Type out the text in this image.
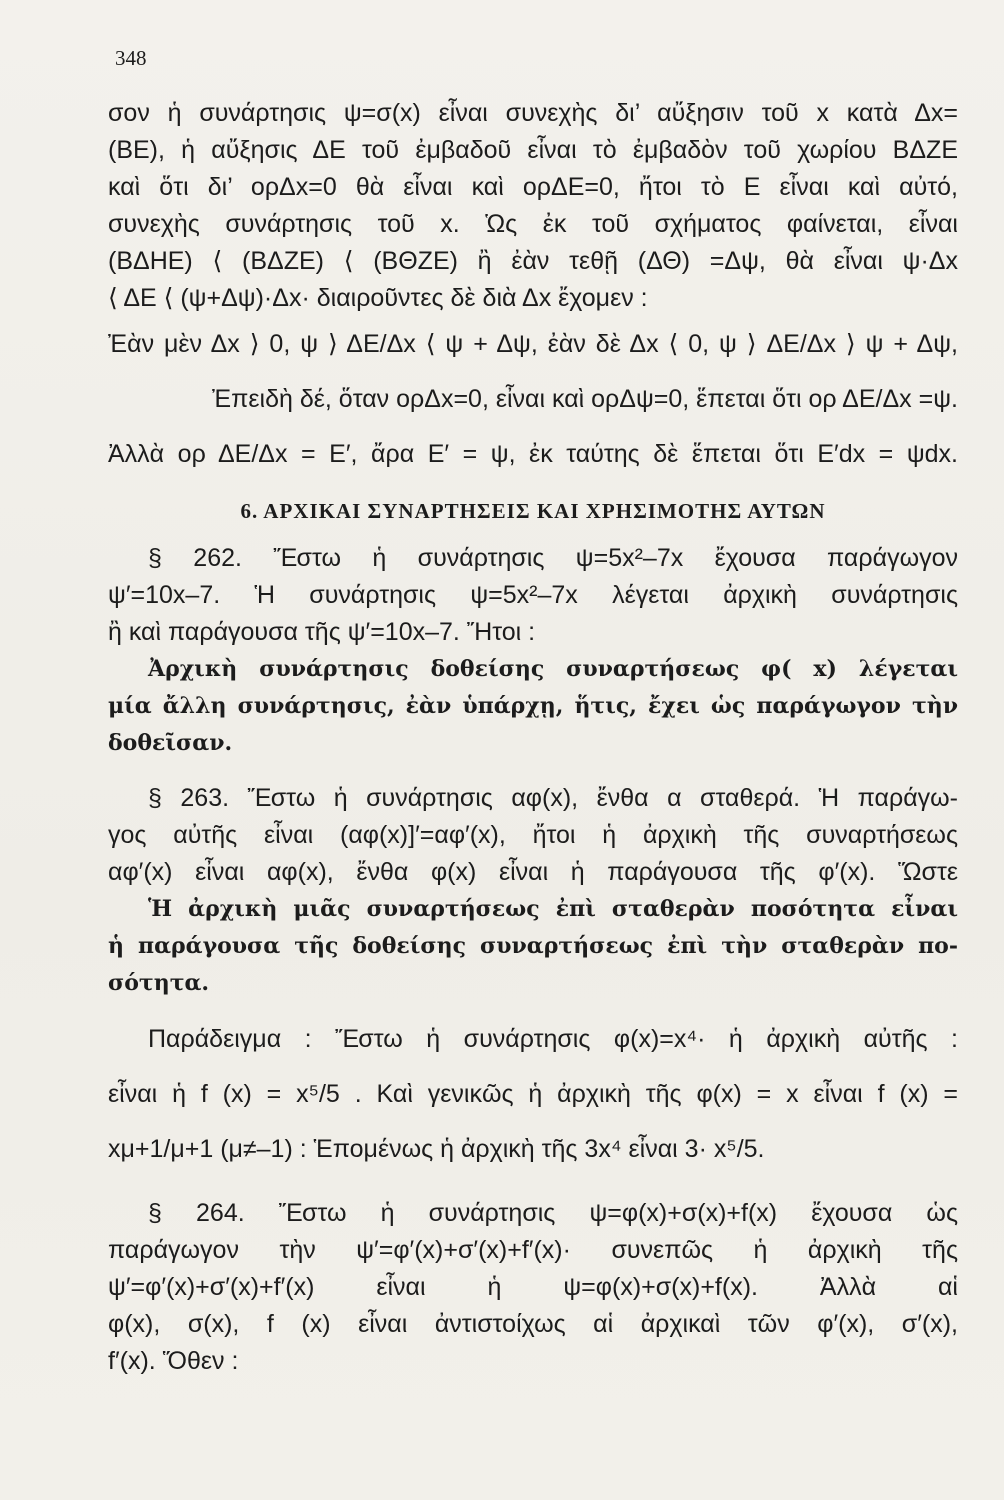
348
σον ἡ συνάρτησις ψ=σ(x) εἶναι συνεχὴς δι’ αὔξησιν τοῦ x κατὰ Δx=
(ΒΕ), ἡ αὔξησις ΔΕ τοῦ ἐμβαδοῦ εἶναι τὸ ἐμβαδὸν τοῦ χωρίου ΒΔΖΕ
καὶ ὅτι δι’ ορΔx=0 θὰ εἶναι καὶ ορΔΕ=0, ἤτοι τὸ Ε εἶναι καὶ αὐτό,
συνεχὴς συνάρτησις τοῦ x. Ὡς ἐκ τοῦ σχήματος φαίνεται, εἶναι
(ΒΔΗΕ) ⟨ (ΒΔΖΕ) ⟨ (ΒΘΖΕ) ἢ ἐὰν τεθῇ (ΔΘ) =Δψ, θὰ εἶναι ψ·Δx
⟨ ΔΕ ⟨ (ψ+Δψ)·Δx· διαιροῦντες δὲ διὰ Δx ἔχομεν :
Ἐὰν μὲν Δx ⟩ 0, ψ ⟩ ΔΕ/Δx ⟨ ψ + Δψ, ἐὰν δὲ Δx ⟨ 0, ψ ⟩ ΔΕ/Δx ⟩ ψ + Δψ,
Ἐπειδὴ δέ, ὅταν ορΔx=0, εἶναι καὶ ορΔψ=0, ἕπεται ὅτι ορ ΔΕ/Δx =ψ.
Ἀλλὰ ορ ΔΕ/Δx = Ε′, ἄρα Ε′ = ψ, ἐκ ταύτης δὲ ἕπεται ὅτι Ε′dx = ψdx.
6. ΑΡΧΙΚΑΙ ΣΥΝΑΡΤΗΣΕΙΣ ΚΑΙ ΧΡΗΣΙΜΟΤΗΣ ΑΥΤΩΝ
§ 262. Ἔστω ἡ συνάρτησις ψ=5x²–7x ἔχουσα παράγωγον
ψ′=10x–7. Ἡ συνάρτησις ψ=5x²–7x λέγεται ἀρχικὴ συνάρτησις
ἢ καὶ παράγουσα τῆς ψ′=10x–7. Ἤτοι :
Ἀρχικὴ συνάρτησις δοθείσης συναρτήσεως φ( x) λέγεται
μία ἄλλη συνάρτησις, ἐὰν ὑπάρχῃ, ἥτις, ἔχει ὡς παράγωγον τὴν
δοθεῖσαν.
§ 263. Ἔστω ἡ συνάρτησις αφ(x), ἔνθα α σταθερά. Ἡ παράγω-
γος αὐτῆς εἶναι (αφ(x)]′=αφ′(x), ἤτοι ἡ ἀρχικὴ τῆς συναρτήσεως
αφ′(x) εἶναι αφ(x), ἔνθα φ(x) εἶναι ἡ παράγουσα τῆς φ′(x). Ὥστε
Ἡ ἀρχικὴ μιᾶς συναρτήσεως ἐπὶ σταθερὰν ποσότητα εἶναι
ἡ παράγουσα τῆς δοθείσης συναρτήσεως ἐπὶ τὴν σταθερὰν πο-
σότητα.
Παράδειγμα : Ἔστω ἡ συνάρτησις φ(x)=x⁴· ἡ ἀρχικὴ αὐτῆς :
εἶναι ἡ f (x) = x⁵/5 . Καὶ γενικῶς ἡ ἀρχικὴ τῆς φ(x) = x εἶναι f (x) =
xμ+1/μ+1 (μ≠–1) : Ἑπομένως ἡ ἀρχικὴ τῆς 3x⁴ εἶναι 3· x⁵/5.
§ 264. Ἔστω ἡ συνάρτησις ψ=φ(x)+σ(x)+f(x) ἔχουσα ὡς
παράγωγον τὴν ψ′=φ′(x)+σ′(x)+f′(x)· συνεπῶς ἡ ἀρχικὴ τῆς
ψ′=φ′(x)+σ′(x)+f′(x) εἶναι ἡ ψ=φ(x)+σ(x)+f(x). Ἀλλὰ αἱ
φ(x), σ(x), f (x) εἶναι ἀντιστοίχως αἱ ἀρχικαὶ τῶν φ′(x), σ′(x),
f′(x). Ὅθεν :
